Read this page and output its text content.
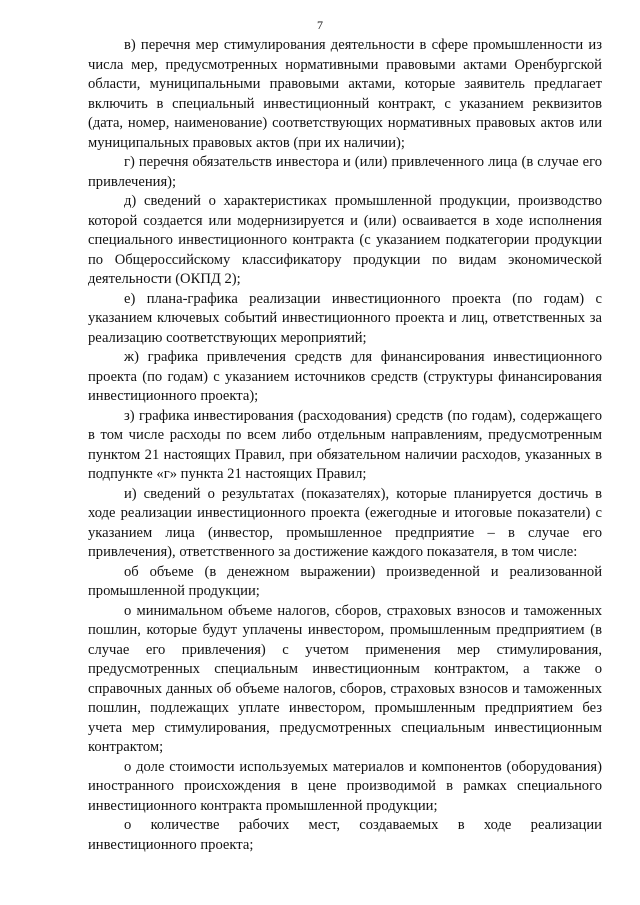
7

в) перечня мер стимулирования деятельности в сфере промышленности из числа мер, предусмотренных нормативными правовыми актами Оренбургской области, муниципальными правовыми актами, которые заявитель предлагает включить в специальный инвестиционный контракт, с указанием реквизитов (дата, номер, наименование) соответствующих нормативных правовых актов или муниципальных правовых актов (при их наличии);

г) перечня обязательств инвестора и (или) привлеченного лица (в случае его привлечения);

д) сведений о характеристиках промышленной продукции, производство которой создается или модернизируется и (или) осваивается в ходе исполнения специального инвестиционного контракта (с указанием подкатегории продукции по Общероссийскому классификатору продукции по видам экономической деятельности (ОКПД 2);

е) плана-графика реализации инвестиционного проекта (по годам) с указанием ключевых событий инвестиционного проекта и лиц, ответственных за реализацию соответствующих мероприятий;

ж) графика привлечения средств для финансирования инвестиционного проекта (по годам) с указанием источников средств (структуры финансирования инвестиционного проекта);

з) графика инвестирования (расходования) средств (по годам), содержащего в том числе расходы по всем либо отдельным направлениям, предусмотренным пунктом 21 настоящих Правил, при обязательном наличии расходов, указанных в подпункте «г» пункта 21 настоящих Правил;

и) сведений о результатах (показателях), которые планируется достичь в ходе реализации инвестиционного проекта (ежегодные и итоговые показатели) с указанием лица (инвестор, промышленное предприятие – в случае его привлечения), ответственного за достижение каждого показателя, в том числе:

об объеме (в денежном выражении) произведенной и реализованной промышленной продукции;

о минимальном объеме налогов, сборов, страховых взносов и таможенных пошлин, которые будут уплачены инвестором, промышленным предприятием (в случае его привлечения) с учетом применения мер стимулирования, предусмотренных специальным инвестиционным контрактом, а также о справочных данных об объеме налогов, сборов, страховых взносов и таможенных пошлин, подлежащих уплате инвестором, промышленным предприятием без учета мер стимулирования, предусмотренных специальным инвестиционным контрактом;

о доле стоимости используемых материалов и компонентов (оборудования) иностранного происхождения в цене производимой в рамках специального инвестиционного контракта промышленной продукции;

о количестве рабочих мест, создаваемых в ходе реализации инвестиционного проекта;
